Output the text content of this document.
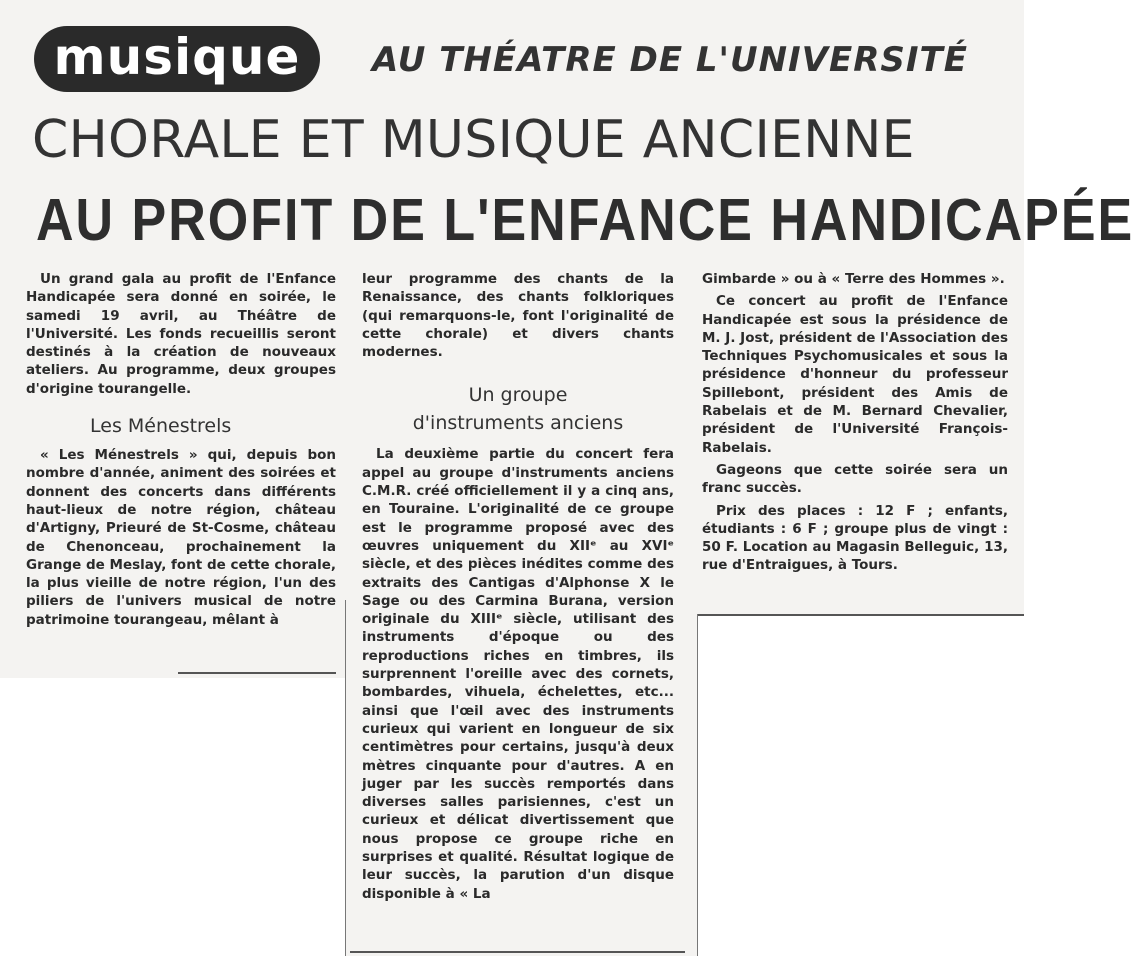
musique	AU THÉATRE DE L'UNIVERSITÉ
CHORALE ET MUSIQUE ANCIENNE
AU PROFIT DE L'ENFANCE HANDICAPÉE

Un grand gala au profit de l'Enfance Handicapée sera donné en soirée, le samedi 19 avril, au Théâtre de l'Université. Les fonds recueillis seront destinés à la création de nouveaux ateliers. Au programme, deux groupes d'origine tourangelle.

Les Ménestrels

« Les Ménestrels » qui, depuis bon nombre d'année, animent des soirées et donnent des concerts dans différents haut-lieux de notre région, château d'Artigny, Prieuré de St-Cosme, château de Chenonceau, prochainement la Grange de Meslay, font de cette chorale, la plus vieille de notre région, l'un des piliers de l'univers musical de notre patrimoine tourangeau, mêlant à

leur programme des chants de la Renaissance, des chants folkloriques (qui remarquons-le, font l'originalité de cette chorale) et divers chants modernes.

Un groupe
d'instruments anciens

La deuxième partie du concert fera appel au groupe d'instruments anciens C.M.R. créé officiellement il y a cinq ans, en Touraine. L'originalité de ce groupe est le programme proposé avec des œuvres uniquement du XIIᵉ au XVIᵉ siècle, et des pièces inédites comme des extraits des Cantigas d'Alphonse X le Sage ou des Carmina Burana, version originale du XIIIᵉ siècle, utilisant des instruments d'époque ou des reproductions riches en timbres, ils surprennent l'oreille avec des cornets, bombardes, vihuela, échelettes, etc... ainsi que l'œil avec des instruments curieux qui varient en longueur de six centimètres pour certains, jusqu'à deux mètres cinquante pour d'autres. A en juger par les succès remportés dans diverses salles parisiennes, c'est un curieux et délicat divertissement que nous propose ce groupe riche en surprises et qualité. Résultat logique de leur succès, la parution d'un disque disponible à « La

Gimbarde » ou à « Terre des Hommes ».

Ce concert au profit de l'Enfance Handicapée est sous la présidence de M. J. Jost, président de l'Association des Techniques Psychomusicales et sous la présidence d'honneur du professeur Spillebont, président des Amis de Rabelais et de M. Bernard Chevalier, président de l'Université François-Rabelais.

Gageons que cette soirée sera un franc succès.

Prix des places : 12 F ; enfants, étudiants : 6 F ; groupe plus de vingt : 50 F. Location au Magasin Belleguic, 13, rue d'Entraigues, à Tours.
